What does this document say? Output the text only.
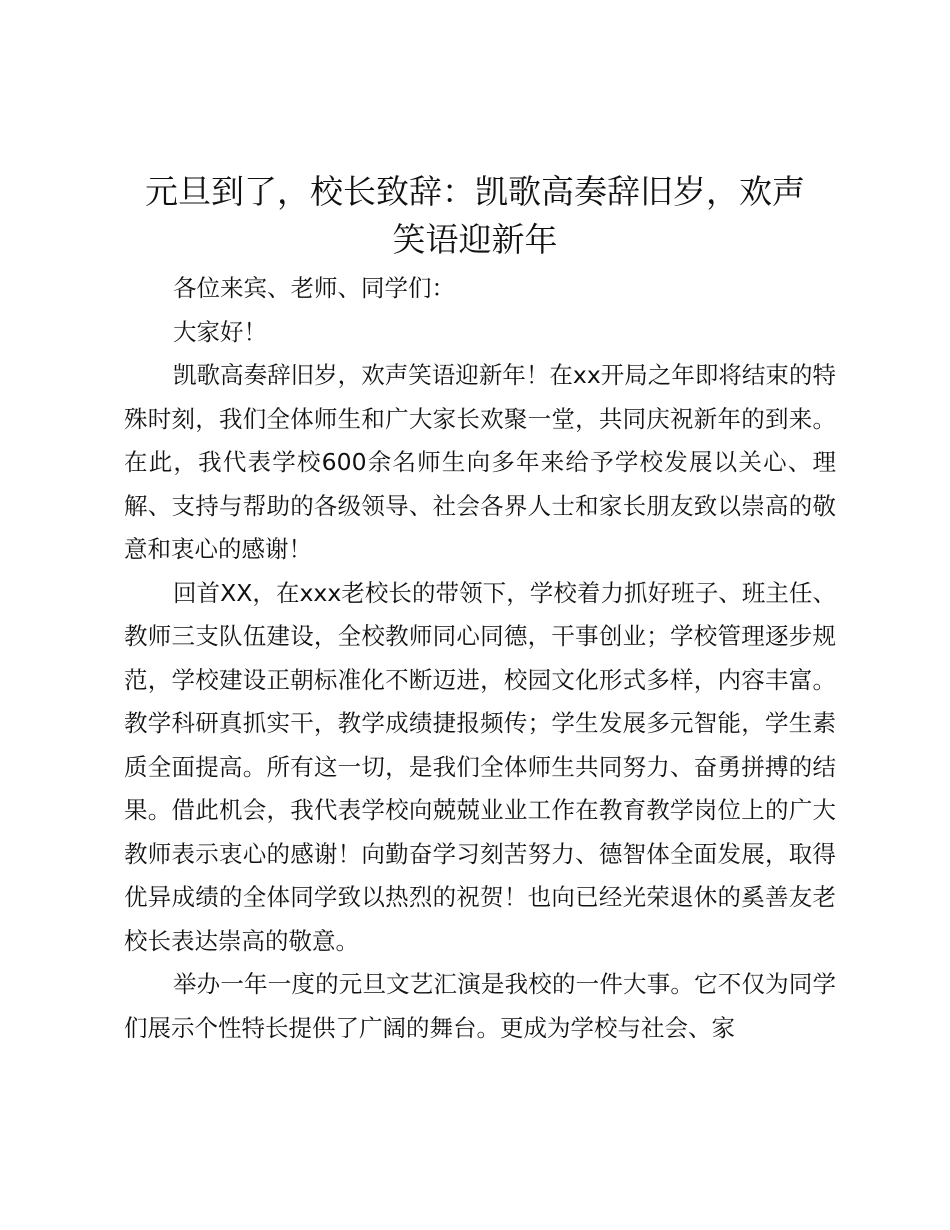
元旦到了，校长致辞：凯歌高奏辞旧岁，欢声
笑语迎新年

各位来宾、老师、同学们：

大家好！

凯歌高奏辞旧岁，欢声笑语迎新年！在xx开局之年即将结束的特殊时刻，我们全体师生和广大家长欢聚一堂，共同庆祝新年的到来。在此，我代表学校600余名师生向多年来给予学校发展以关心、理解、支持与帮助的各级领导、社会各界人士和家长朋友致以崇高的敬意和衷心的感谢！

回首XX，在xxx老校长的带领下，学校着力抓好班子、班主任、教师三支队伍建设，全校教师同心同德，干事创业；学校管理逐步规范，学校建设正朝标准化不断迈进，校园文化形式多样，内容丰富。教学科研真抓实干，教学成绩捷报频传；学生发展多元智能，学生素质全面提高。所有这一切，是我们全体师生共同努力、奋勇拼搏的结果。借此机会，我代表学校向兢兢业业工作在教育教学岗位上的广大教师表示衷心的感谢！向勤奋学习刻苦努力、德智体全面发展，取得优异成绩的全体同学致以热烈的祝贺！也向已经光荣退休的奚善友老校长表达崇高的敬意。

举办一年一度的元旦文艺汇演是我校的一件大事。它不仅为同学们展示个性特长提供了广阔的舞台。更成为学校与社会、家
